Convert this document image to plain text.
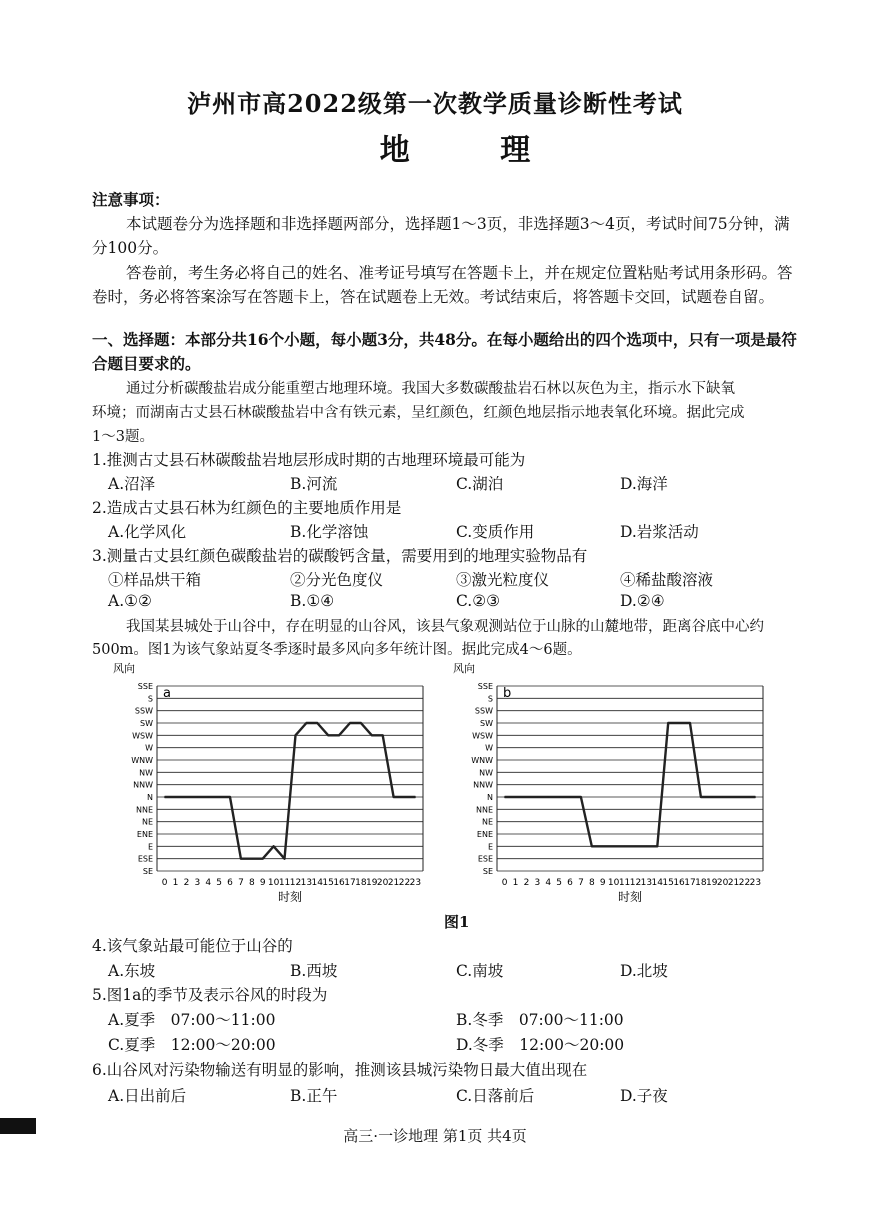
泸州市高2022级第一次教学质量诊断性考试
地 理
注意事项：
本试题卷分为选择题和非选择题两部分，选择题1～3页，非选择题3～4页，考试时间75分钟，满
分100分。
答卷前，考生务必将自己的姓名、准考证号填写在答题卡上，并在规定位置粘贴考试用条形码。答
卷时，务必将答案涂写在答题卡上，答在试题卷上无效。考试结束后，将答题卡交回，试题卷自留。
一、选择题：本部分共16个小题，每小题3分，共48分。在每小题给出的四个选项中，只有一项是最符
合题目要求的。
通过分析碳酸盐岩成分能重塑古地理环境。我国大多数碳酸盐岩石林以灰色为主，指示水下缺氧
环境；而湖南古丈县石林碳酸盐岩中含有铁元素，呈红颜色，红颜色地层指示地表氧化环境。据此完成
1～3题。
1.推测古丈县石林碳酸盐岩地层形成时期的古地理环境最可能为
A.沼泽	B.河流	C.湖泊	D.海洋
2.造成古丈县石林为红颜色的主要地质作用是
A.化学风化	B.化学溶蚀	C.变质作用	D.岩浆活动
3.测量古丈县红颜色碳酸盐岩的碳酸钙含量，需要用到的地理实验物品有
①样品烘干箱	②分光色度仪	③激光粒度仪	④稀盐酸溶液
A.①②	B.①④	C.②③	D.②④
我国某县城处于山谷中，存在明显的山谷风，该县气象观测站位于山脉的山麓地带，距离谷底中心约
500m。图1为该气象站夏冬季逐时最多风向多年统计图。据此完成4～6题。
风向
SE
ESE
E
ENE
NE
NNE
N
NNW
NW
WNW
W
WSW
SW
SSW
S
SSE a
0 1 2 3 4 5 6 7 8 9 10 11 12 13 14 15 16 17 18 19 20 21 22 23
时刻
风向
SE
ESE
E
ENE
NE
NNE
N
NNW
NW
WNW
W
WSW
SW
SSW
S
SSE b
0 1 2 3 4 5 6 7 8 9 10 11 12 13 14 15 16 17 18 19 20 21 22 23
时刻
图1
4.该气象站最可能位于山谷的
A.东坡	B.西坡	C.南坡	D.北坡
5.图1a的季节及表示谷风的时段为
A.夏季　07:00～11:00	B.冬季　07:00～11:00
C.夏季　12:00～20:00	D.冬季　12:00～20:00
6.山谷风对污染物输送有明显的影响，推测该县城污染物日最大值出现在
A.日出前后	B.正午	C.日落前后	D.子夜
高三·一诊地理 第1页 共4页
